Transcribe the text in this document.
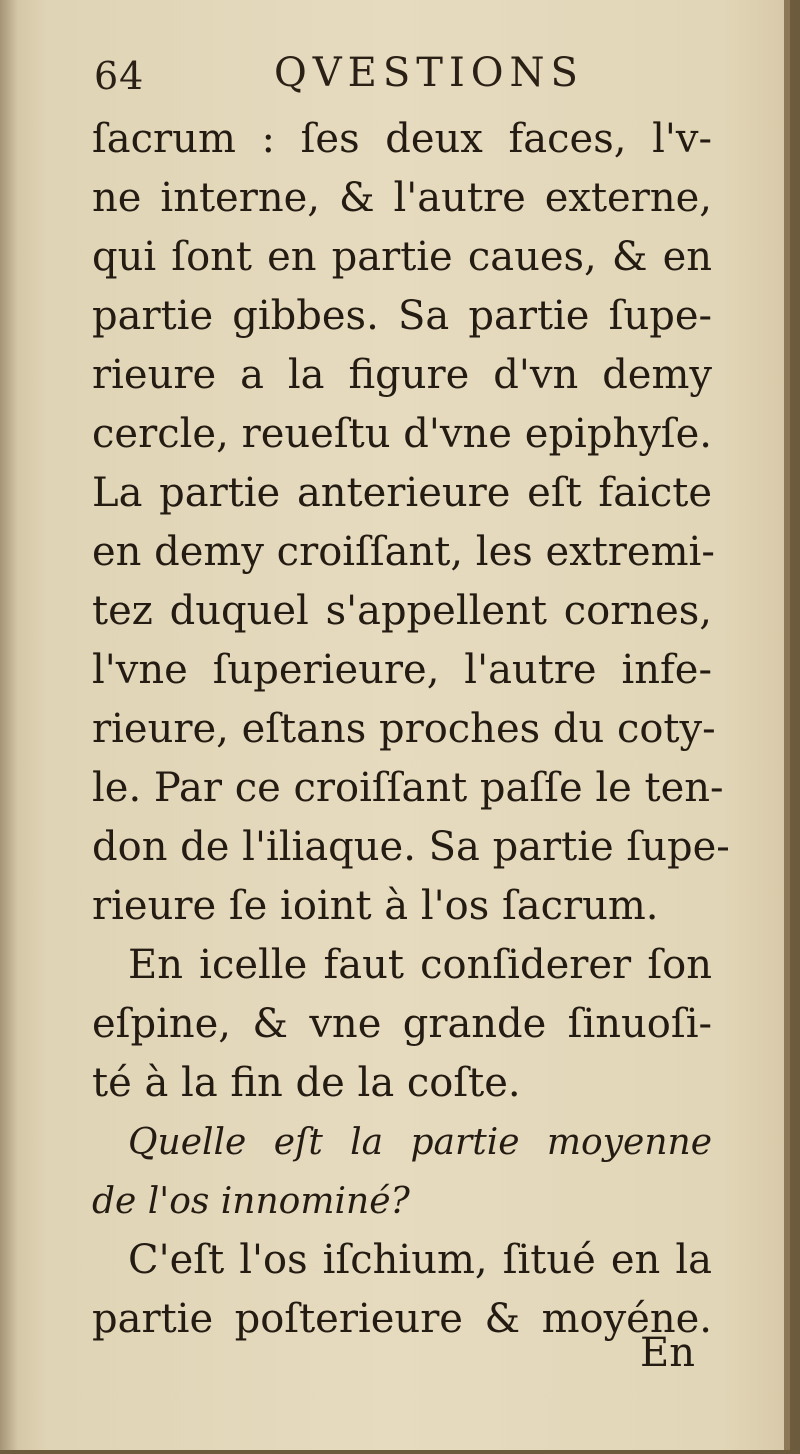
64	QVESTIONS
ſacrum : ſes deux faces, l'v-
ne interne, & l'autre externe,
qui ſont en partie caues, & en
partie gibbes. Sa partie ſupe-
rieure a la figure d'vn demy
cercle, reueſtu d'vne epiphyſe.
La partie anterieure eſt faicte
en demy croiſſant, les extremi-
tez duquel s'appellent cornes,
l'vne ſuperieure, l'autre infe-
rieure, eſtans proches du coty-
le. Par ce croiſſant paſſe le ten-
don de l'iliaque. Sa partie ſupe-
rieure ſe ioint à l'os ſacrum.
En icelle faut conſiderer ſon
eſpine, & vne grande ſinuoſi-
té à la fin de la coſte.
Quelle eſt la partie moyenne
de l'os innominé?
C'eſt l'os iſchium, ſitué en la
partie poſterieure & moyéne.
En
